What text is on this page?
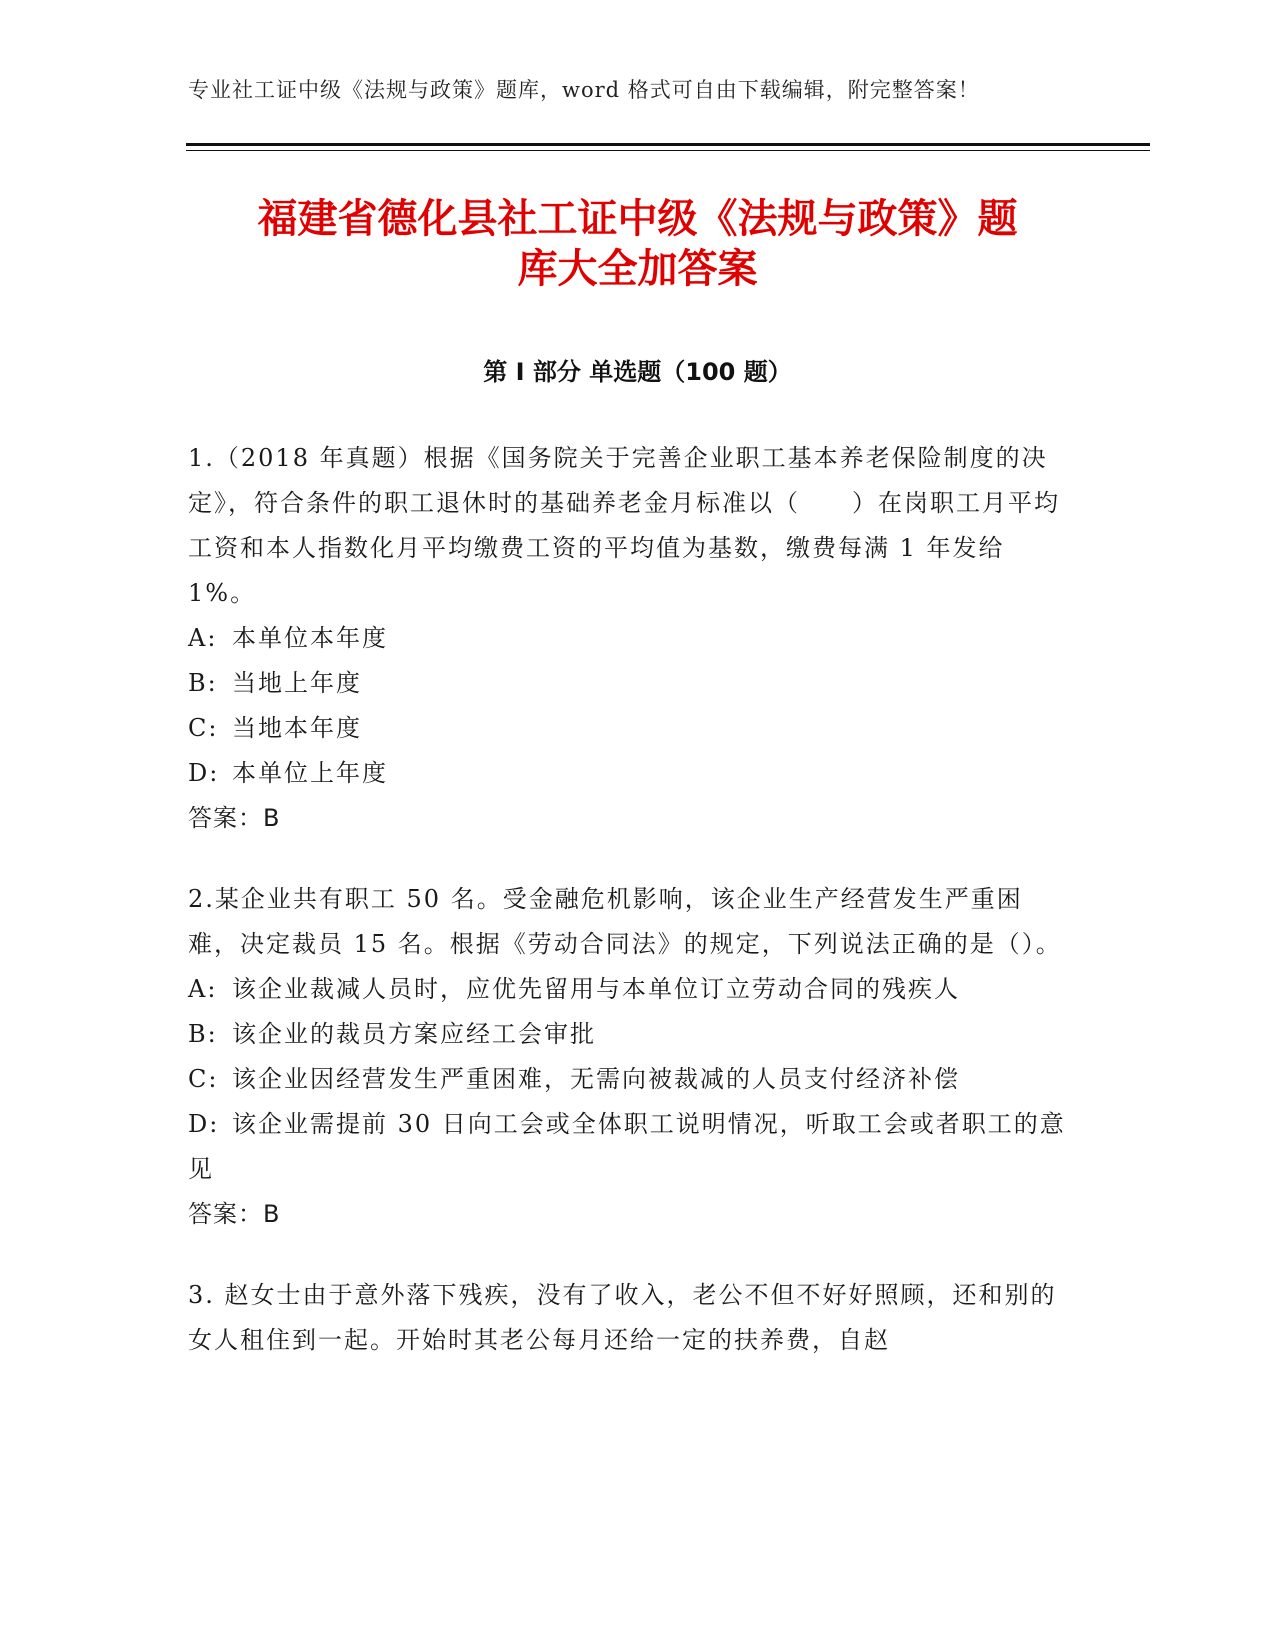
专业社工证中级《法规与政策》题库，word 格式可自由下载编辑，附完整答案！
福建省德化县社工证中级《法规与政策》题
库大全加答案
第 I 部分 单选题（100 题）

1.（2018 年真题）根据《国务院关于完善企业职工基本养老保险制度的决定》，符合条件的职工退休时的基础养老金月标准以（　　）在岗职工月平均工资和本人指数化月平均缴费工资的平均值为基数，缴费每满 1 年发给 1%。

A: 本单位本年度

B: 当地上年度

C: 当地本年度

D: 本单位上年度

答案：B

2.某企业共有职工 50 名。受金融危机影响，该企业生产经营发生严重困难，决定裁员 15 名。根据《劳动合同法》的规定，下列说法正确的是（）。

A: 该企业裁减人员时，应优先留用与本单位订立劳动合同的残疾人

B: 该企业的裁员方案应经工会审批

C: 该企业因经营发生严重困难，无需向被裁减的人员支付经济补偿

D: 该企业需提前 30 日向工会或全体职工说明情况，听取工会或者职工的意见

答案：B

3. 赵女士由于意外落下残疾，没有了收入，老公不但不好好照顾，还和别的女人租住到一起。开始时其老公每月还给一定的扶养费，自赵
